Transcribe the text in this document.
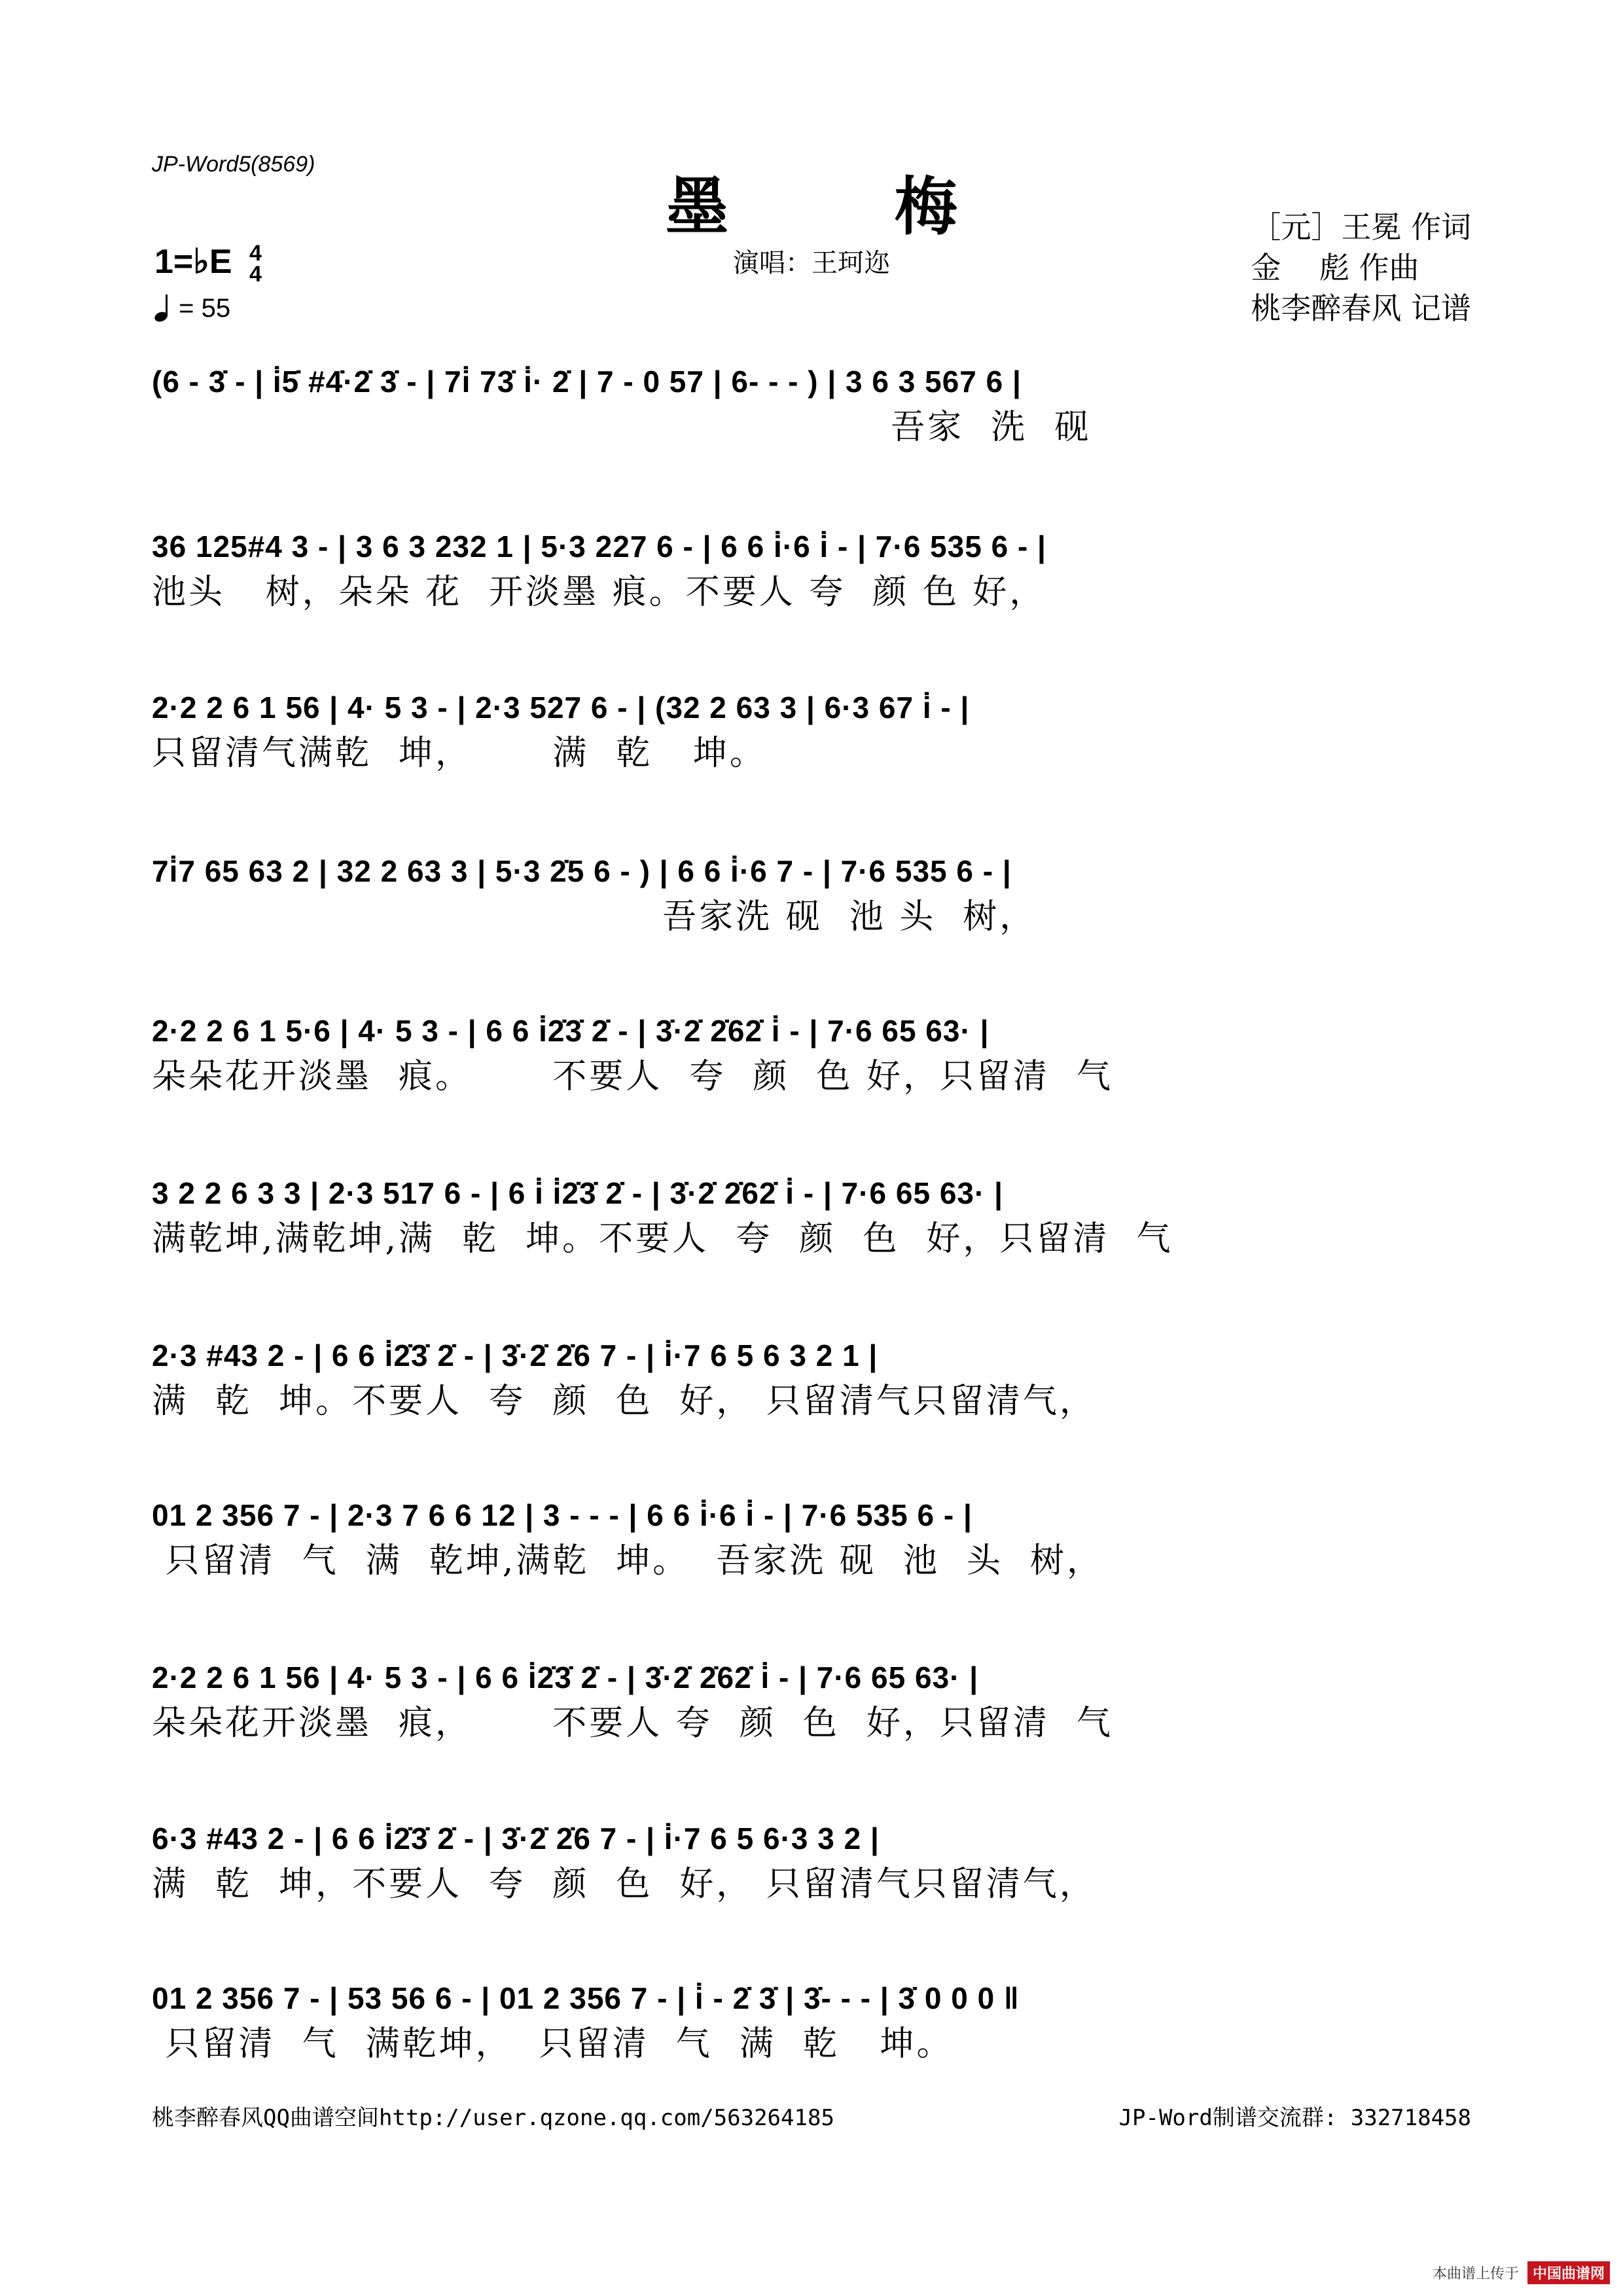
JP-Word5(8569)
墨 梅
演唱：王珂迩
［元］王冕 作词
金    彪 作曲
桃李醉春风 记谱
1=♭E 4
4
= 55
(6 - 3̇ - | i̇5̇ #4̇·2̇ 3̇ - | 7i̇ 73̇ i̇· 2̇ | 7 - 0 57 | 6- - - ) | 3 6 3 567 6 |
吾家  洗  砚
36 125#4 3 - | 3 6 3 232 1 | 5·3 227 6 - | 6 6 i̇·6 i̇ - | 7·6 535 6 - |
池头   树，朵朵 花  开淡墨 痕。不要人 夸  颜 色 好，
2·2 2 6 1 56 | 4· 5 3 - | 2·3 527 6 - | (32 2 63 3 | 6·3 67 i̇ - |
只留清气满乾  坤，      满  乾   坤。
7i̇7 65 63 2 | 32 2 63 3 | 5·3 2̇5 6 - ) | 6 6 i̇·6 7 - | 7·6 535 6 - |
吾家洗 砚  池 头  树，
2·2 2 6 1 5·6 | 4· 5 3 - | 6 6 i̇2̇3̇ 2̇ - | 3̇·2̇ 2̇62̇ i̇ - | 7·6 65 63· |
朵朵花开淡墨  痕。      不要人  夸  颜  色 好，只留清  气
3 2 2 6 3 3 | 2·3 517 6 - | 6 i̇ i̇2̇3̇ 2̇ - | 3̇·2̇ 2̇62̇ i̇ - | 7·6 65 63· |
满乾坤,满乾坤,满  乾  坤。不要人  夸  颜  色  好，只留清  气
2·3 #43 2 - | 6 6 i̇2̇3̇ 2̇ - | 3̇·2̇ 2̇6 7 - | i̇·7 6 5 6 3 2 1 |
满  乾  坤。不要人  夸  颜  色  好， 只留清气只留清气，
01 2 356 7 - | 2·3 7 6 6 12 | 3 - - - | 6 6 i̇·6 i̇ - | 7·6 535 6 - |
只留清  气  满  乾坤,满乾  坤。  吾家洗 砚  池  头  树，
2·2 2 6 1 56 | 4· 5 3 - | 6 6 i̇2̇3̇ 2̇ - | 3̇·2̇ 2̇62̇ i̇ - | 7·6 65 63· |
朵朵花开淡墨  痕，      不要人 夸  颜  色  好，只留清  气
6·3 #43 2 - | 6 6 i̇2̇3̇ 2̇ - | 3̇·2̇ 2̇6 7 - | i̇·7 6 5 6·3 3 2 |
满  乾  坤，不要人  夸  颜  色  好， 只留清气只留清气，
01 2 356 7 - | 53 56 6 - | 01 2 356 7 - | i̇ - 2̇ 3̇ | 3̇- - - | 3̇ 0 0 0 ‖
只留清  气  满乾坤，  只留清  气  满  乾   坤。
桃李醉春风QQ曲谱空间http://user.qzone.qq.com/563264185	JP-Word制谱交流群: 332718458
本曲谱上传于 中国曲谱网
